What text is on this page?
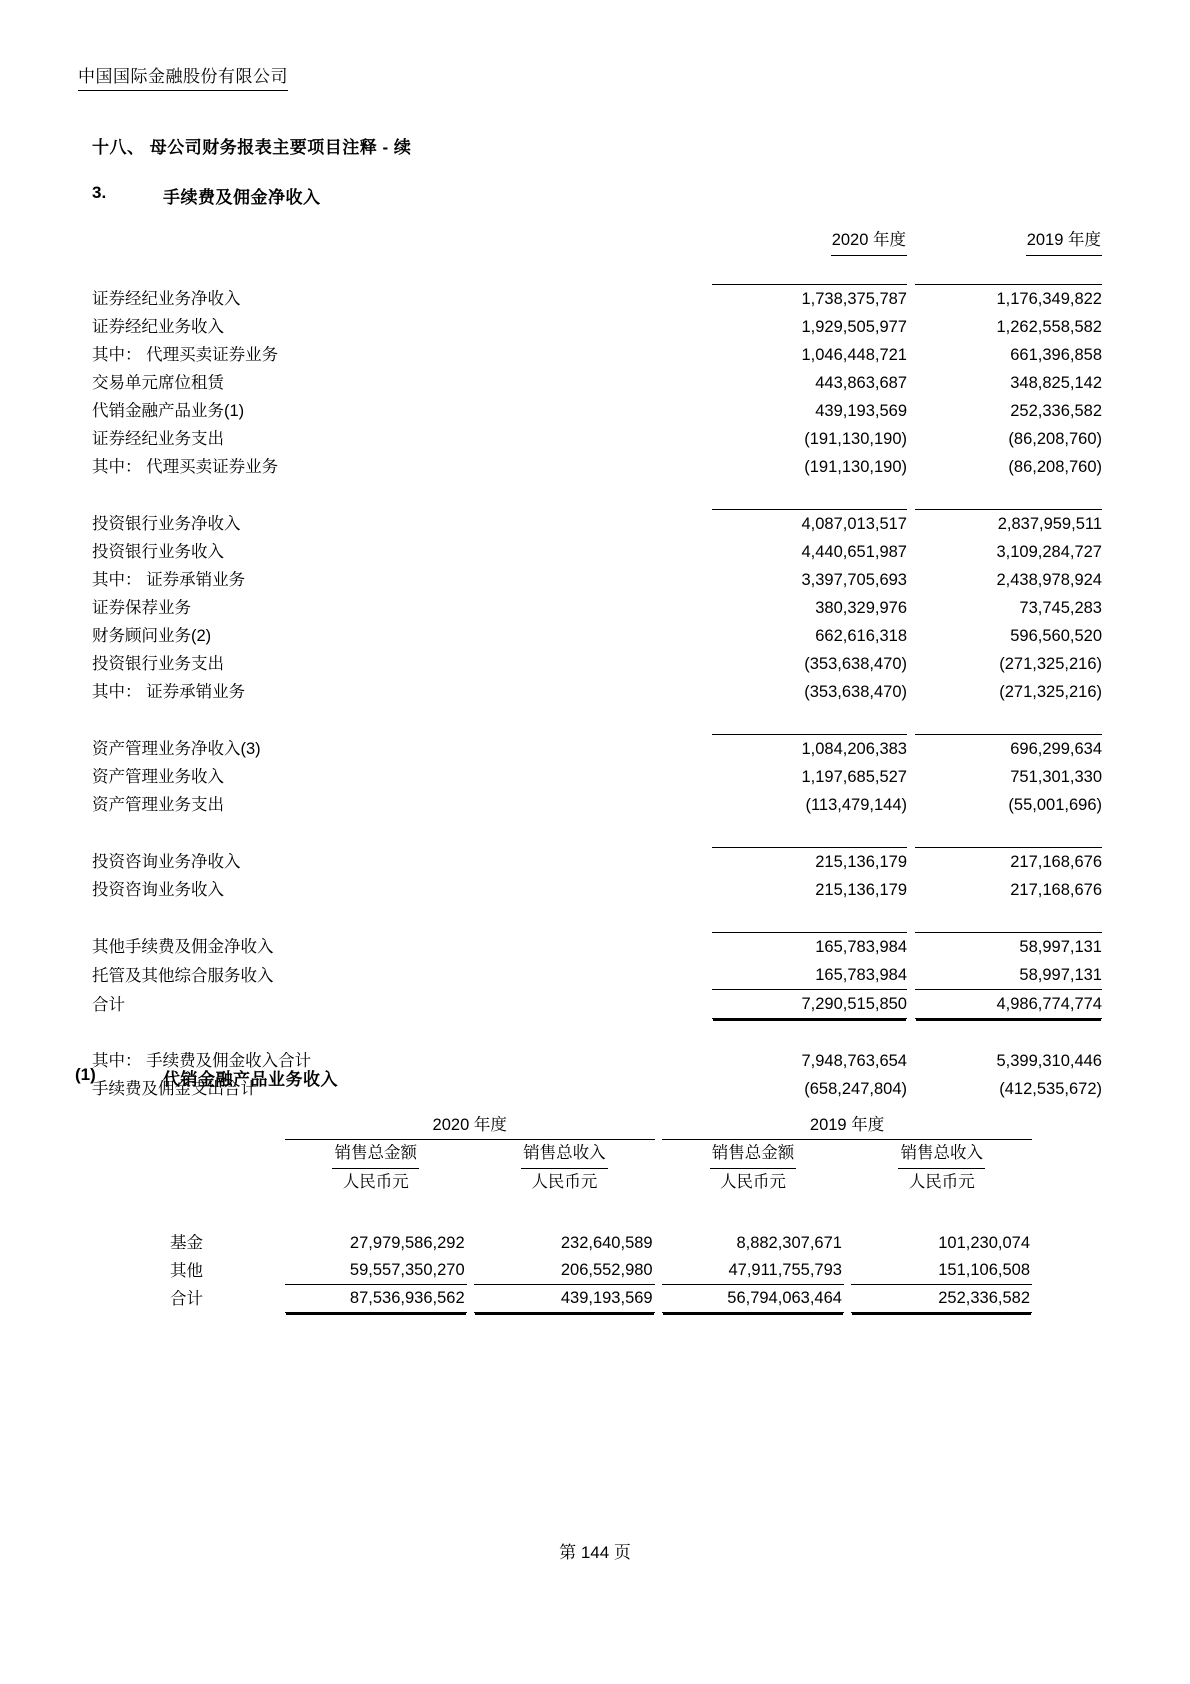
中国国际金融股份有限公司
十八、 母公司财务报表主要项目注释 - 续
3.	手续费及佣金净收入
	2020 年度		2019 年度

证券经纪业务净收入	1,738,375,787		1,176,349,822
证券经纪业务收入	1,929,505,977		1,262,558,582
其中： 代理买卖证券业务	1,046,448,721		661,396,858
交易单元席位租赁	443,863,687		348,825,142
代销金融产品业务(1)	439,193,569		252,336,582
证券经纪业务支出	(191,130,190)		(86,208,760)
其中： 代理买卖证券业务	(191,130,190)		(86,208,760)

投资银行业务净收入	4,087,013,517		2,837,959,511
投资银行业务收入	4,440,651,987		3,109,284,727
其中： 证券承销业务	3,397,705,693		2,438,978,924
证券保荐业务	380,329,976		73,745,283
财务顾问业务(2)	662,616,318		596,560,520
投资银行业务支出	(353,638,470)		(271,325,216)
其中： 证券承销业务	(353,638,470)		(271,325,216)

资产管理业务净收入(3)	1,084,206,383		696,299,634
资产管理业务收入	1,197,685,527		751,301,330
资产管理业务支出	(113,479,144)		(55,001,696)

投资咨询业务净收入	215,136,179		217,168,676
投资咨询业务收入	215,136,179		217,168,676

其他手续费及佣金净收入	165,783,984		58,997,131
托管及其他综合服务收入	165,783,984		58,997,131
合计	7,290,515,850		4,986,774,774

其中： 手续费及佣金收入合计	7,948,763,654		5,399,310,446
手续费及佣金支出合计	(658,247,804)		(412,535,672)
(1)	代销金融产品业务收入
	2020 年度				2019 年度		
	销售总金额		销售总收入		销售总金额		销售总收入
	人民币元		人民币元		人民币元		人民币元

基金	27,979,586,292		232,640,589		8,882,307,671		101,230,074
其他	59,557,350,270		206,552,980		47,911,755,793		151,106,508
合计	87,536,936,562		439,193,569		56,794,063,464		252,336,582
第 144 页
